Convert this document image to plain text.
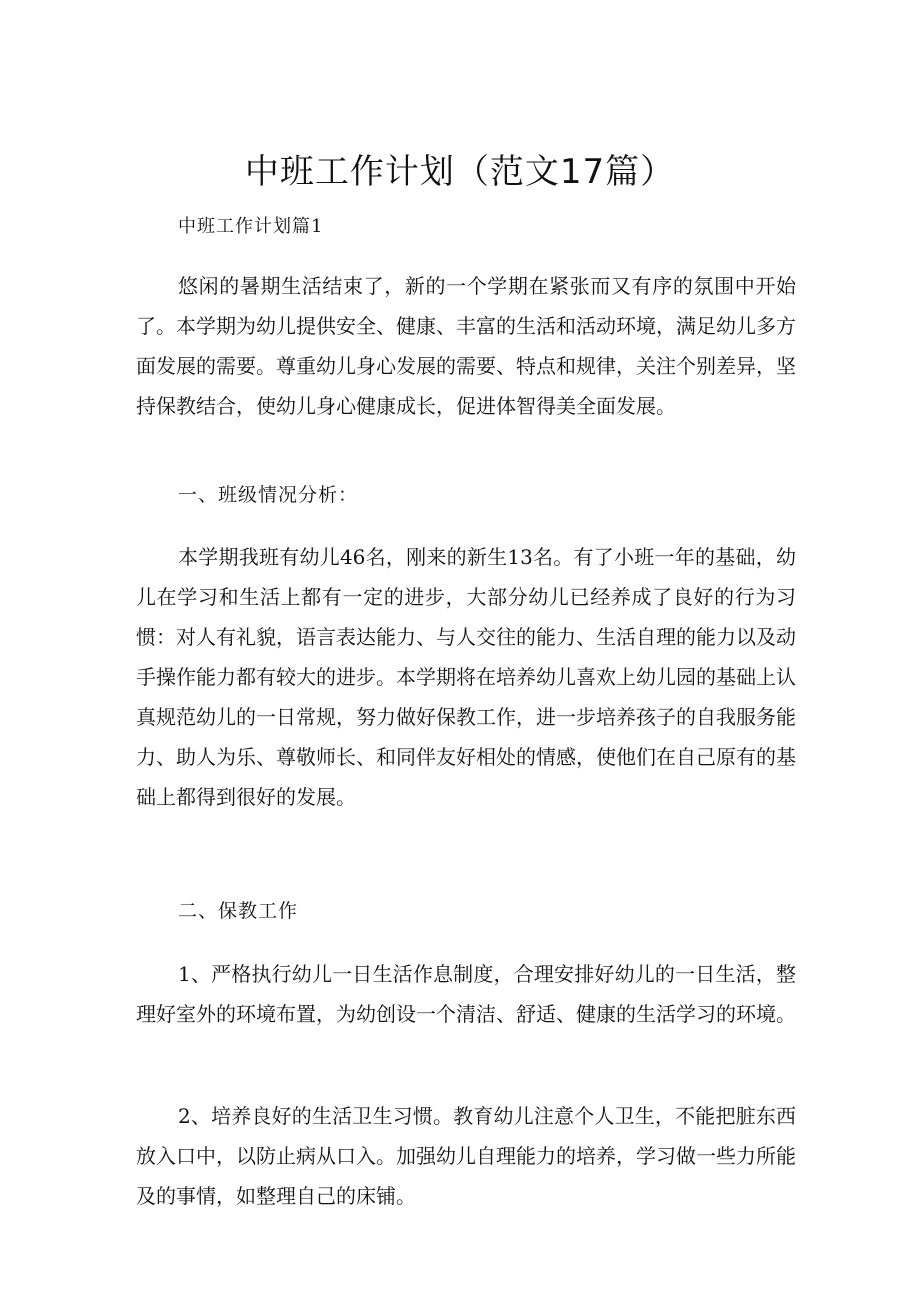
中班工作计划（范文17篇）
中班工作计划篇1

悠闲的暑期生活结束了，新的一个学期在紧张而又有序的氛围中开始了。本学期为幼儿提供安全、健康、丰富的生活和活动环境，满足幼儿多方面发展的需要。尊重幼儿身心发展的需要、特点和规律，关注个别差异，坚持保教结合，使幼儿身心健康成长，促进体智得美全面发展。

一、班级情况分析：

本学期我班有幼儿46名，刚来的新生13名。有了小班一年的基础，幼儿在学习和生活上都有一定的进步，大部分幼儿已经养成了良好的行为习惯：对人有礼貌，语言表达能力、与人交往的能力、生活自理的能力以及动手操作能力都有较大的进步。本学期将在培养幼儿喜欢上幼儿园的基础上认真规范幼儿的一日常规，努力做好保教工作，进一步培养孩子的自我服务能力、助人为乐、尊敬师长、和同伴友好相处的情感，使他们在自己原有的基础上都得到很好的发展。

二、保教工作

1、严格执行幼儿一日生活作息制度，合理安排好幼儿的一日生活，整理好室外的环境布置，为幼创设一个清洁、舒适、健康的生活学习的环境。

2、培养良好的生活卫生习惯。教育幼儿注意个人卫生，不能把脏东西放入口中，以防止病从口入。加强幼儿自理能力的培养，学习做一些力所能及的事情，如整理自己的床铺。
